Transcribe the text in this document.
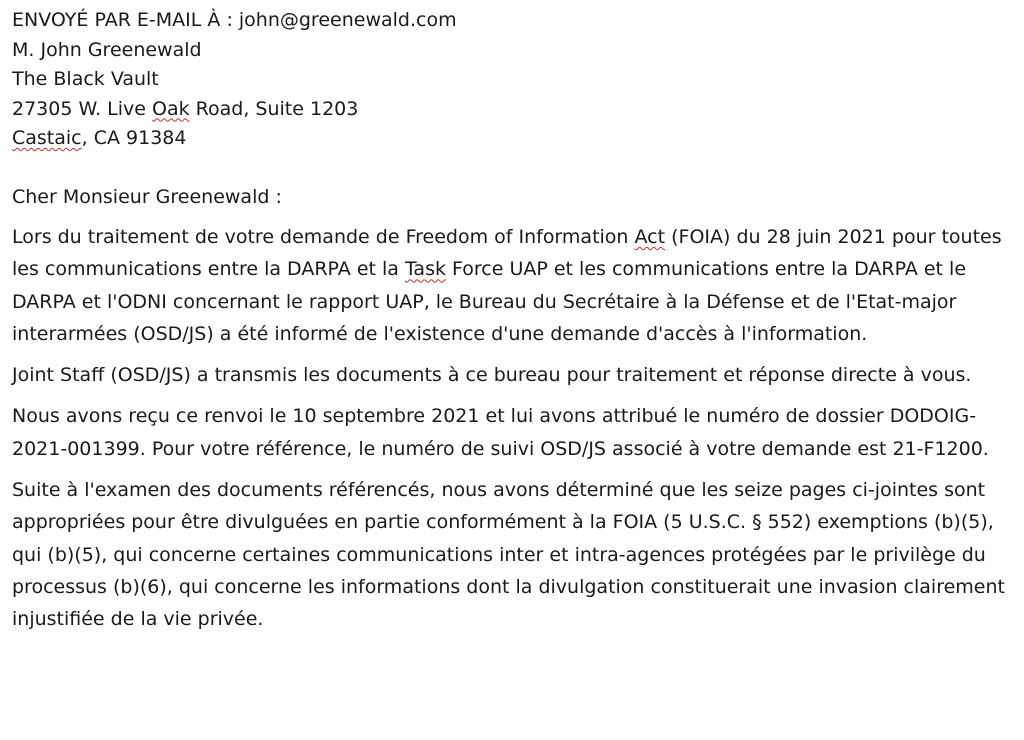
ENVOYÉ PAR E-MAIL À : john@greenewald.com
M. John Greenewald
The Black Vault
27305 W. Live Oak Road, Suite 1203
Castaic, CA 91384
Cher Monsieur Greenewald :

Lors du traitement de votre demande de Freedom of Information Act (FOIA) du 28 juin 2021 pour toutes les communications entre la DARPA et la Task Force UAP et les communications entre la DARPA et le DARPA et l'ODNI concernant le rapport UAP, le Bureau du Secrétaire à la Défense et de l'Etat-major interarmées (OSD/JS) a été informé de l'existence d'une demande d'accès à l'information.

Joint Staff (OSD/JS) a transmis les documents à ce bureau pour traitement et réponse directe à vous.

Nous avons reçu ce renvoi le 10 septembre 2021 et lui avons attribué le numéro de dossier DODOIG-2021-001399. Pour votre référence, le numéro de suivi OSD/JS associé à votre demande est 21-F1200.

Suite à l'examen des documents référencés, nous avons déterminé que les seize pages ci-jointes sont appropriées pour être divulguées en partie conformément à la FOIA (5 U.S.C. § 552) exemptions (b)(5), qui (b)(5), qui concerne certaines communications inter et intra-agences protégées par le privilège du processus (b)(6), qui concerne les informations dont la divulgation constituerait une invasion clairement injustifiée de la vie privée.
